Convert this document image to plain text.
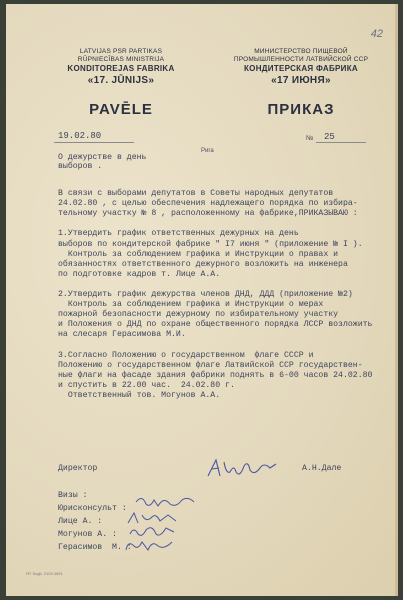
42
LATVIJAS PSR PARTIKAS
RŪPNIECĪBAS MINISTRIJA
KONDITOREJAS FABRIKA
«17. JŪNIJS»
PAVĒLE
МИНИСТЕРСТВО ПИЩЕВОЙ
ПРОМЫШЛЕННОСТИ ЛАТВИЙСКОЙ ССР
КОНДИТЕРСКАЯ ФАБРИКА
«17 ИЮНЯ»
ПРИКАЗ
19.02.80
Рига
№ 25
О дежурстве в день
выборов .
В связи с выборами депутатов в Советы народных депутатов
24.02.80 , с целью обеспечения надлежащего порядка по избира-
тельному участку № 8 , расположенному на фабрике,ПРИКАЗЫВАЮ :
1.Утвердить график ответственных дежурных на день
выборов по кондитерской фабрике " I7 июня " (приложение № I ).
Контроль за соблюдением графика и Инструкции о правах и
обязанностях ответственного дежурного возложить на инженера
по подготовке кадров т. Лице А.А.
2.Утвердить график дежурства членов ДНД, ДДД (приложение №2)
Контроль за соблюдением графика и Инструкции о мерах
пожарной безопасности дежурному по избирательному участку
и Положения о ДНД по охране общественного порядка ЛССР возложить
на слесаря Герасимова М.И.
3.Согласно Положению о государственном  флаге СССР и
Положению о государственном флаге Латвийской ССР государствен-
ные флаги на фасаде здания фабрики поднять в 6-00 часов 24.02.80
и спустить в 22.00 час.  24.02.80 г.
Ответственный тов. Могунов А.А.
Директор	А.Н.Дале
Визы :
Юрисконсульт :
Лице А. :
Могунов А. :
Герасимов  М. :
ЯТ Sugit, 2103 4091
